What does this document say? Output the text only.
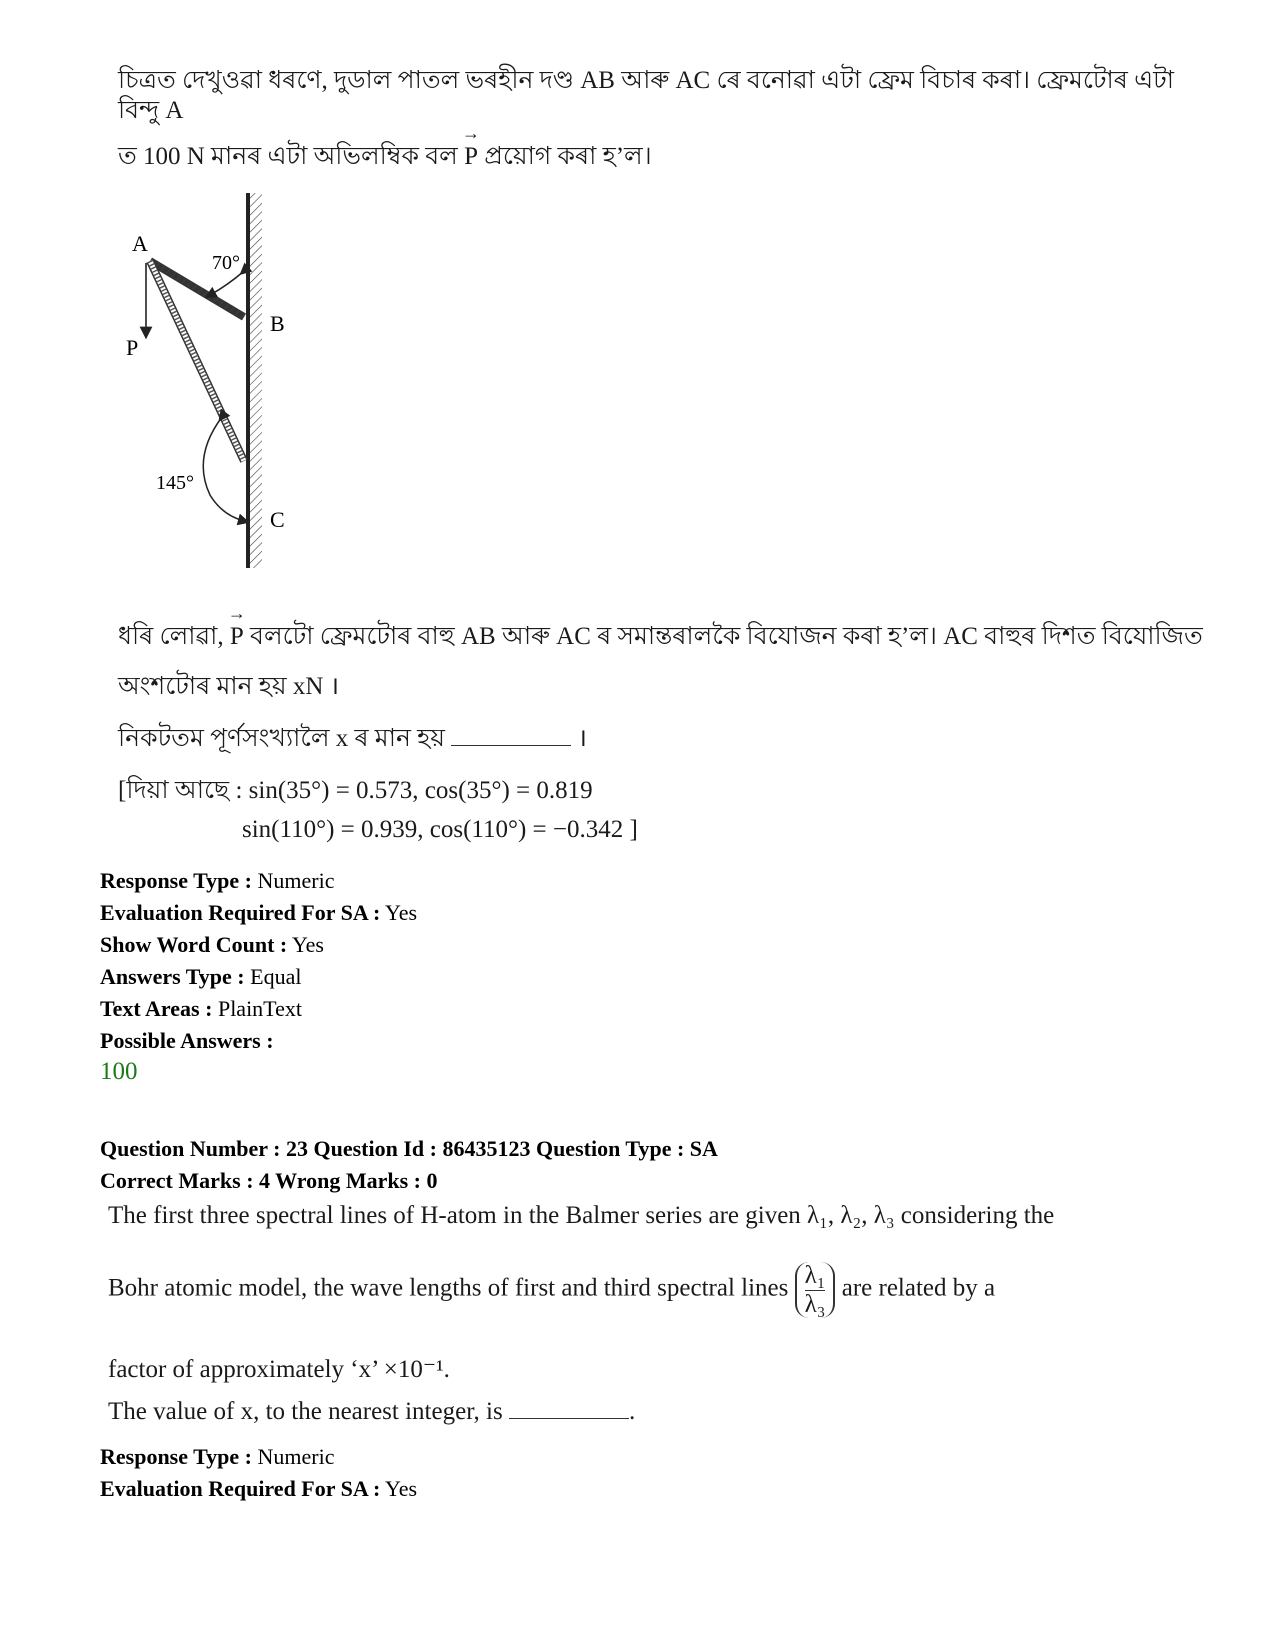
চিত্ৰত দেখুওৱা ধৰণে, দুডাল পাতল ভৰহীন দণ্ড AB আৰু AC ৰে বনোৱা এটা ফ্ৰেম বিচাৰ কৰা। ফ্ৰেমটোৰ এটা বিন্দু A
ত 100 N মানৰ এটা অভিলম্বিক বল → P প্ৰয়োগ কৰা হ’ল।
A
B
C
P
70°
145°
ধৰি লোৱা, → P বলটো ফ্ৰেমটোৰ বাহু AB আৰু AC ৰ সমান্তৰালকৈ বিযোজন কৰা হ’ল। AC বাহুৰ দিশত বিযোজিত
অংশটোৰ মান হয় xN ।
নিকটতম পূৰ্ণসংখ্যালৈ x ৰ মান হয়	।
[দিয়া আছে : sin(35°) = 0.573, cos(35°) = 0.819
sin(110°) = 0.939, cos(110°) = −0.342 ]
Response Type : Numeric
Evaluation Required For SA : Yes
Show Word Count : Yes
Answers Type : Equal
Text Areas : PlainText
Possible Answers :
100
Question Number : 23 Question Id : 86435123 Question Type : SA
Correct Marks : 4 Wrong Marks : 0
The first three spectral lines of H-atom in the Balmer series are given λ₁, λ₂, λ₃ considering the
Bohr atomic model, the wave lengths of first and third spectral lines $\frac{\text{λ₁}}{\text{λ₃}}$ are related by a
factor of approximately ‘x’ ×10⁻¹.
The value of x, to the nearest integer, is	.
Response Type : Numeric
Evaluation Required For SA : Yes
